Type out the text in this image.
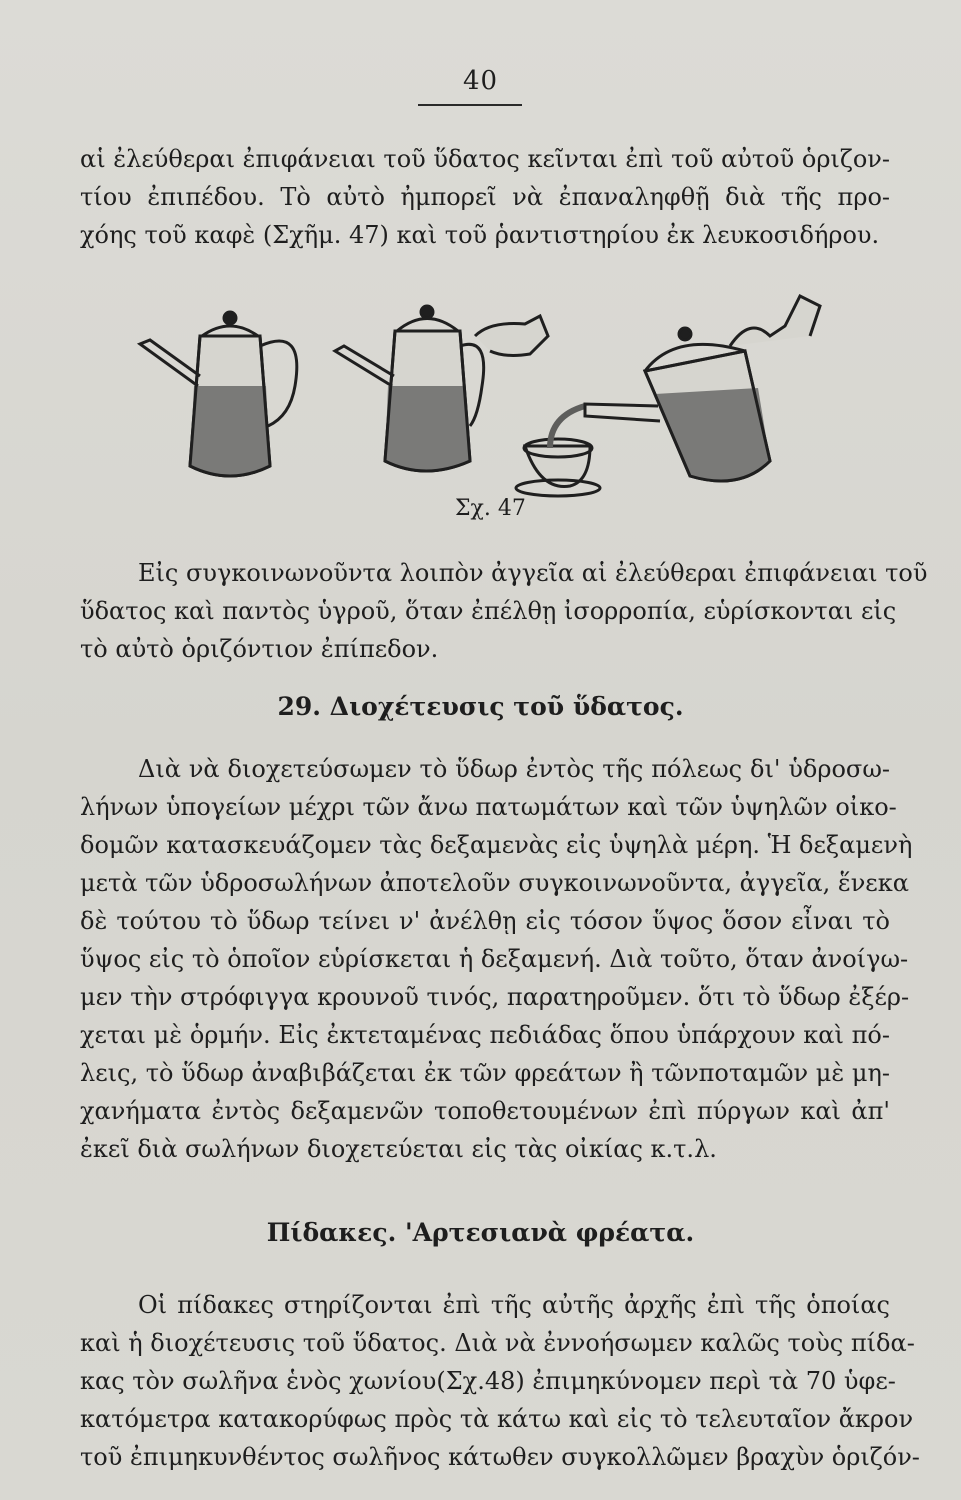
40
αἱ ἐλεύθεραι ἐπιφάνειαι τοῦ ὕδατος κεῖνται ἐπὶ τοῦ αὐτοῦ ὁριζον-
τίου ἐπιπέδου. Τὸ αὐτὸ ἠμπορεῖ νὰ ἐπαναληφθῇ διὰ τῆς προ-
χόης τοῦ καφὲ (Σχῆμ. 47) καὶ τοῦ ῥαντιστηρίου ἐκ λευκοσιδήρου.
Σχ. 47
Εἰς συγκοινωνοῦντα λοιπὸν ἀγγεῖα αἱ ἐλεύθεραι ἐπιφάνειαι τοῦ
ὕδατος καὶ παντὸς ὑγροῦ, ὅταν ἐπέλθῃ ἰσορροπία, εὑρίσκονται εἰς
τὸ αὐτὸ ὁριζόντιον ἐπίπεδον.
29. Διοχέτευσις τοῦ ὕδατος.
Διὰ νὰ διοχετεύσωμεν τὸ ὕδωρ ἐντὸς τῆς πόλεως δι' ὑδροσω-
λήνων ὑπογείων μέχρι τῶν ἄνω πατωμάτων καὶ τῶν ὑψηλῶν οἰκο-
δομῶν κατασκευάζομεν τὰς δεξαμενὰς εἰς ὑψηλὰ μέρη. Ἡ δεξαμενὴ
μετὰ τῶν ὑδροσωλήνων ἀποτελοῦν συγκοινωνοῦντα, ἀγγεῖα, ἕνεκα
δὲ τούτου τὸ ὕδωρ τείνει ν' ἀνέλθῃ εἰς τόσον ὕψος ὅσον εἶναι τὸ
ὕψος εἰς τὸ ὁποῖον εὑρίσκεται ἡ δεξαμενή. Διὰ τοῦτο, ὅταν ἀνοίγω-
μεν τὴν στρόφιγγα κρουνοῦ τινός, παρατηροῦμεν. ὅτι τὸ ὕδωρ ἐξέρ-
χεται μὲ ὁρμήν. Εἰς ἐκτεταμένας πεδιάδας ὅπου ὑπάρχουν καὶ πό-
λεις, τὸ ὕδωρ ἀναβιβάζεται ἐκ τῶν φρεάτων ἢ τῶνποταμῶν μὲ μη-
χανήματα ἐντὸς δεξαμενῶν τοποθετουμένων ἐπὶ πύργων καὶ ἀπ'
ἐκεῖ διὰ σωλήνων διοχετεύεται εἰς τὰς οἰκίας κ.τ.λ.
Πίδακες. 'Αρτεσιανὰ φρέατα.
Οἱ πίδακες στηρίζονται ἐπὶ τῆς αὐτῆς ἀρχῆς ἐπὶ τῆς ὁποίας
καὶ ἡ διοχέτευσις τοῦ ὕδατος. Διὰ νὰ ἐννοήσωμεν καλῶς τοὺς πίδα-
κας τὸν σωλῆνα ἑνὸς χωνίου(Σχ.48) ἐπιμηκύνομεν περὶ τὰ 70 ὑφε-
κατόμετρα κατακορύφως πρὸς τὰ κάτω καὶ εἰς τὸ τελευταῖον ἄκρον
τοῦ ἐπιμηκυνθέντος σωλῆνος κάτωθεν συγκολλῶμεν βραχὺν ὁριζόν-
